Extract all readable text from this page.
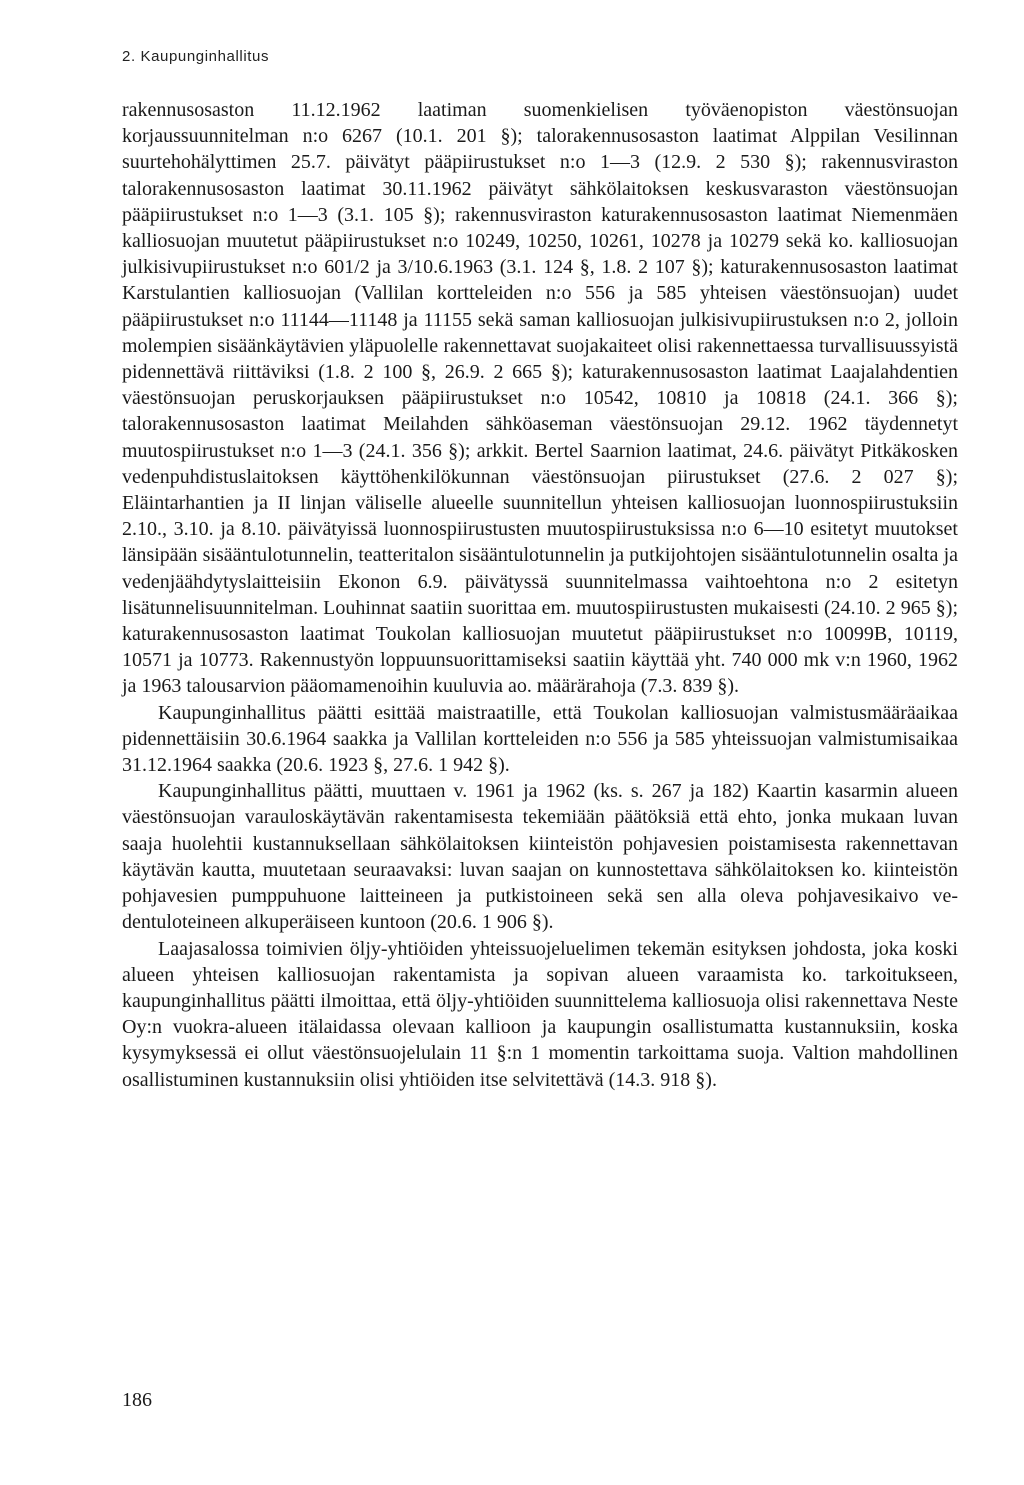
2. Kaupunginhallitus

rakennusosaston 11.12.1962 laatiman suomenkielisen työväenopiston väestönsuojan korjaussuunnitelman n:o 6267 (10.1. 201 §); talorakennusosaston laatimat Alppilan Vesilinnan suurtehohälyttimen 25.7. päivätyt pääpiirustukset n:o 1—3 (12.9. 2 530 §); rakennusviraston talorakennusosaston laatimat 30.11.1962 päivätyt sähkölaitoksen keskusvaraston väestönsuojan pääpiirustukset n:o 1—3 (3.1. 105 §); rakennusviraston katurakennusosaston laatimat Niemenmäen kalliosuojan muutetut pääpiirustukset n:o 10249, 10250, 10261, 10278 ja 10279 sekä ko. kalliosuojan julkisivupiirustukset n:o 601/2 ja 3/10.6.1963 (3.1. 124 §, 1.8. 2 107 §); katurakennusosaston laatimat Karstulantien kalliosuojan (Vallilan kortteleiden n:o 556 ja 585 yhteisen väestönsuojan) uudet pääpiirustukset n:o 11144—11148 ja 11155 sekä saman kalliosuojan julkisivupiirustuksen n:o 2, jolloin molempien sisäänkäytävien yläpuolelle rakennettavat suojakaiteet olisi rakennettaessa turvallisuussyistä pidennettävä riittäviksi (1.8. 2 100 §, 26.9. 2 665 §); katurakennusosaston laatimat Laajalahdentien väestönsuojan peruskorjauksen pääpiirustukset n:o 10542, 10810 ja 10818 (24.1. 366 §); talorakennusosaston laatimat Meilahden sähköaseman väestönsuojan 29.12. 1962 täydennetyt muutospiirustukset n:o 1—3 (24.1. 356 §); arkkit. Bertel Saarnion laatimat, 24.6. päivätyt Pitkäkosken vedenpuhdistuslaitoksen käyttöhenkilökunnan väestönsuojan piirustukset (27.6. 2 027 §); Eläintarhantien ja II linjan väliselle alueelle suunnitellun yhteisen kalliosuojan luonnospiirustuksiin 2.10., 3.10. ja 8.10. päivätyissä luonnospiirustusten muutospiirustuksissa n:o 6—10 esitetyt muutokset länsipään sisääntulotunnelin, teatteritalon sisääntulotunnelin ja putkijohtojen sisääntulotunnelin osalta ja vedenjäähdytyslaitteisiin Ekonon 6.9. päivätyssä suunnitelmassa vaihtoehtona n:o 2 esitetyn lisätunnelisuunnitelman. Louhinnat saatiin suorittaa em. muutospiirustusten mukaisesti (24.10. 2 965 §); katurakennusosaston laatimat Toukolan kalliosuojan muutetut pääpiirustukset n:o 10099B, 10119, 10571 ja 10773. Rakennustyön loppuunsuorittamiseksi saatiin käyttää yht. 740 000 mk v:n 1960, 1962 ja 1963 talousarvion pääomamenoihin kuuluvia ao. määrärahoja (7.3. 839 §).

Kaupunginhallitus päätti esittää maistraatille, että Toukolan kalliosuojan valmistusmääräaikaa pidennettäisiin 30.6.1964 saakka ja Vallilan kortteleiden n:o 556 ja 585 yhteissuojan valmistumisaikaa 31.12.1964 saakka (20.6. 1923 §, 27.6. 1 942 §).

Kaupunginhallitus päätti, muuttaen v. 1961 ja 1962 (ks. s. 267 ja 182) Kaartin kasarmin alueen väestönsuojan varauloskäytävän rakentamisesta tekemiään päätöksiä että ehto, jonka mukaan luvan saaja huolehtii kustannuksellaan sähkölaitoksen kiinteistön pohjavesien poistamisesta rakennettavan käytävän kautta, muutetaan seuraavaksi: luvan saajan on kunnostettava sähkölaitoksen ko. kiinteistön pohjavesien pumppuhuone laitteineen ja putkistoineen sekä sen alla oleva pohjavesikaivo vedentuloteineen alkuperäiseen kuntoon (20.6. 1 906 §).

Laajasalossa toimivien öljy-yhtiöiden yhteissuojeluelimen tekemän esityksen johdosta, joka koski alueen yhteisen kalliosuojan rakentamista ja sopivan alueen varaamista ko. tarkoitukseen, kaupunginhallitus päätti ilmoittaa, että öljy-yhtiöiden suunnittelema kalliosuoja olisi rakennettava Neste Oy:n vuokra-alueen itälaidassa olevaan kallioon ja kaupungin osallistumatta kustannuksiin, koska kysymyksessä ei ollut väestönsuojelulain 11 §:n 1 momentin tarkoittama suoja. Valtion mahdollinen osallistuminen kustannuksiin olisi yhtiöiden itse selvitettävä (14.3. 918 §).

186
